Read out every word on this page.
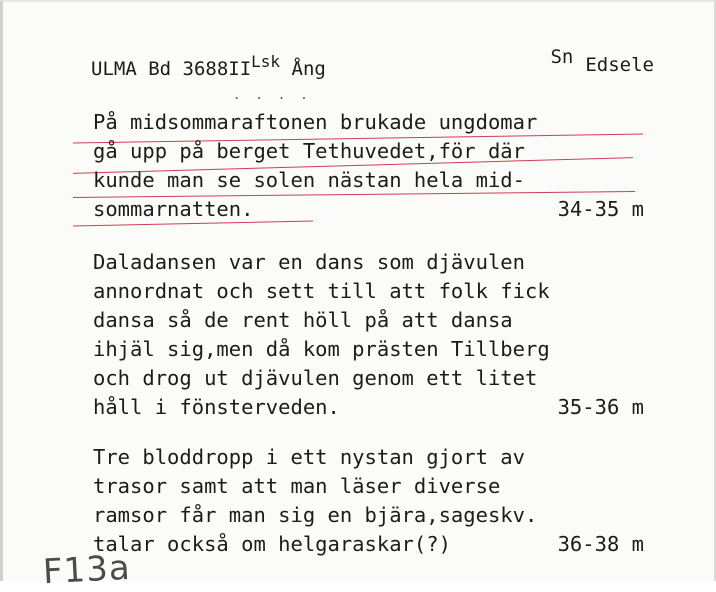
ULMA Bd $3688II^{Lsk}$ Ång
Sn Edsele
. . . .
På midsommaraftonen brukade ungdomar
gå upp på berget Tethuvedet,för där
kunde man se solen nästan hela mid-
sommarnatten.	34-35 m
Daladansen var en dans som djävulen
annordnat och sett till att folk fick
dansa så de rent höll på att dansa
ihjäl sig,men då kom prästen Tillberg
och drog ut djävulen genom ett litet
håll i fönsterveden.	35-36 m
Tre bloddropp i ett nystan gjort av
trasor samt att man läser diverse
ramsor får man sig en bjära,sageskv.
talar också om helgaraskar(?)	36-38 m
F13a
